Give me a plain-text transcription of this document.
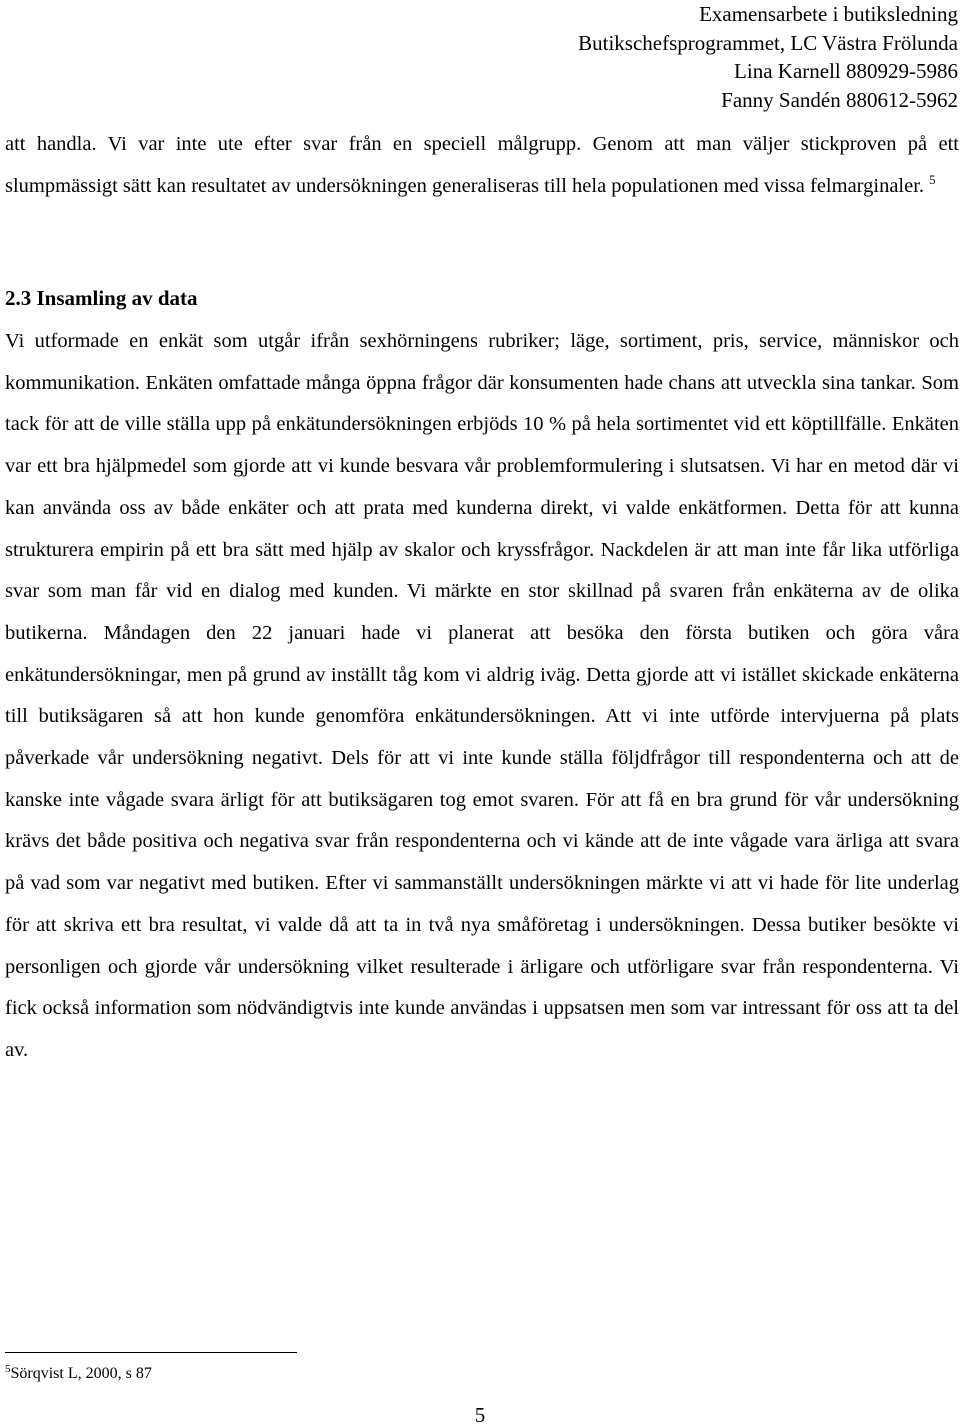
Examensarbete i butiksledning
Butikschefsprogrammet, LC Västra Frölunda
Lina Karnell 880929-5986
Fanny Sandén 880612-5962

att handla. Vi var inte ute efter svar från en speciell målgrupp. Genom att man väljer stickproven på ett slumpmässigt sätt kan resultatet av undersökningen generaliseras till hela populationen med vissa felmarginaler. $^5$

2.3 Insamling av data

Vi utformade en enkät som utgår ifrån sexhörningens rubriker; läge, sortiment, pris, service, människor och kommunikation. Enkäten omfattade många öppna frågor där konsumenten hade chans att utveckla sina tankar. Som tack för att de ville ställa upp på enkätundersökningen erbjöds 10 % på hela sortimentet vid ett köptillfälle. Enkäten var ett bra hjälpmedel som gjorde att vi kunde besvara vår problemformulering i slutsatsen. Vi har en metod där vi kan använda oss av både enkäter och att prata med kunderna direkt, vi valde enkätformen. Detta för att kunna strukturera empirin på ett bra sätt med hjälp av skalor och kryssfrågor. Nackdelen är att man inte får lika utförliga svar som man får vid en dialog med kunden. Vi märkte en stor skillnad på svaren från enkäterna av de olika butikerna. Måndagen den 22 januari hade vi planerat att besöka den första butiken och göra våra enkätundersökningar, men på grund av inställt tåg kom vi aldrig iväg. Detta gjorde att vi istället skickade enkäterna till butiksägaren så att hon kunde genomföra enkätundersökningen. Att vi inte utförde intervjuerna på plats påverkade vår undersökning negativt. Dels för att vi inte kunde ställa följdfrågor till respondenterna och att de kanske inte vågade svara ärligt för att butiksägaren tog emot svaren. För att få en bra grund för vår undersökning krävs det både positiva och negativa svar från respondenterna och vi kände att de inte vågade vara ärliga att svara på vad som var negativt med butiken. Efter vi sammanställt undersökningen märkte vi att vi hade för lite underlag för att skriva ett bra resultat, vi valde då att ta in två nya småföretag i undersökningen. Dessa butiker besökte vi personligen och gjorde vår undersökning vilket resulterade i ärligare och utförligare svar från respondenterna. Vi fick också information som nödvändigtvis inte kunde användas i uppsatsen men som var intressant för oss att ta del av.

$^5$Sörqvist L, 2000, s 87
5
